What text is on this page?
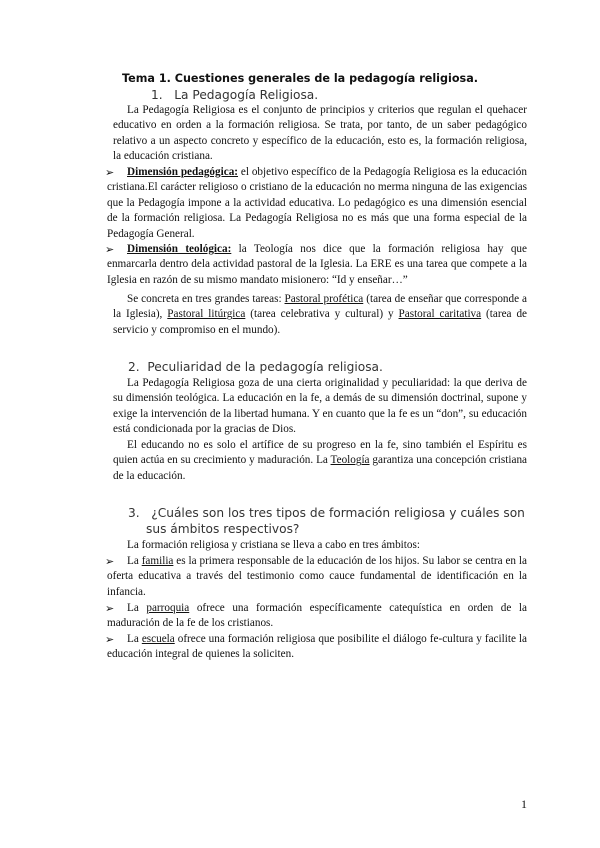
Tema 1. Cuestiones generales de la pedagogía religiosa.
1. La Pedagogía Religiosa.

La Pedagogía Religiosa es el conjunto de principios y criterios que regulan el quehacer educativo en orden a la formación religiosa. Se trata, por tanto, de un saber pedagógico relativo a un aspecto concreto y específico de la educación, esto es, la formación religiosa, la educación cristiana.

➢	Dimensión pedagógica: el objetivo específico de la Pedagogía Religiosa es la educación cristiana.El carácter religioso o cristiano de la educación no merma ninguna de las exigencias que la Pedagogía impone a la actividad educativa. Lo pedagógico es una dimensión esencial de la formación religiosa. La Pedagogía Religiosa no es más que una forma especial de la Pedagogía General.
➢	Dimensión teológica: la Teología nos dice que la formación religiosa hay que enmarcarla dentro dela actividad pastoral de la Iglesia. La ERE es una tarea que compete a la Iglesia en razón de su mismo mandato misionero: “Id y enseñar…”

Se concreta en tres grandes tareas: Pastoral profética (tarea de enseñar que corresponde a la Iglesia), Pastoral litúrgica (tarea celebrativa y cultural) y Pastoral caritativa (tarea de servicio y compromiso en el mundo).

2. Peculiaridad de la pedagogía religiosa.

La Pedagogía Religiosa goza de una cierta originalidad y peculiaridad: la que deriva de su dimensión teológica. La educación en la fe, a demás de su dimensión doctrinal, supone y exige la intervención de la libertad humana. Y en cuanto que la fe es un “don”, su educación está condicionada por la gracias de Dios.

El educando no es solo el artífice de su progreso en la fe, sino también el Espíritu es quien actúa en su crecimiento y maduración. La Teología garantiza una concepción cristiana de la educación.

3. ¿Cuáles son los tres tipos de formación religiosa y cuáles son
sus ámbitos respectivos?

La formación religiosa y cristiana se lleva a cabo en tres ámbitos:

➢	La familia es la primera responsable de la educación de los hijos. Su labor se centra en la oferta educativa a través del testimonio como cauce fundamental de identificación en la infancia.
➢	La parroquia ofrece una formación específicamente catequística en orden de la maduración de la fe de los cristianos.
➢	La escuela ofrece una formación religiosa que posibilite el diálogo fe-cultura y facilite la educación integral de quienes la soliciten.
1
